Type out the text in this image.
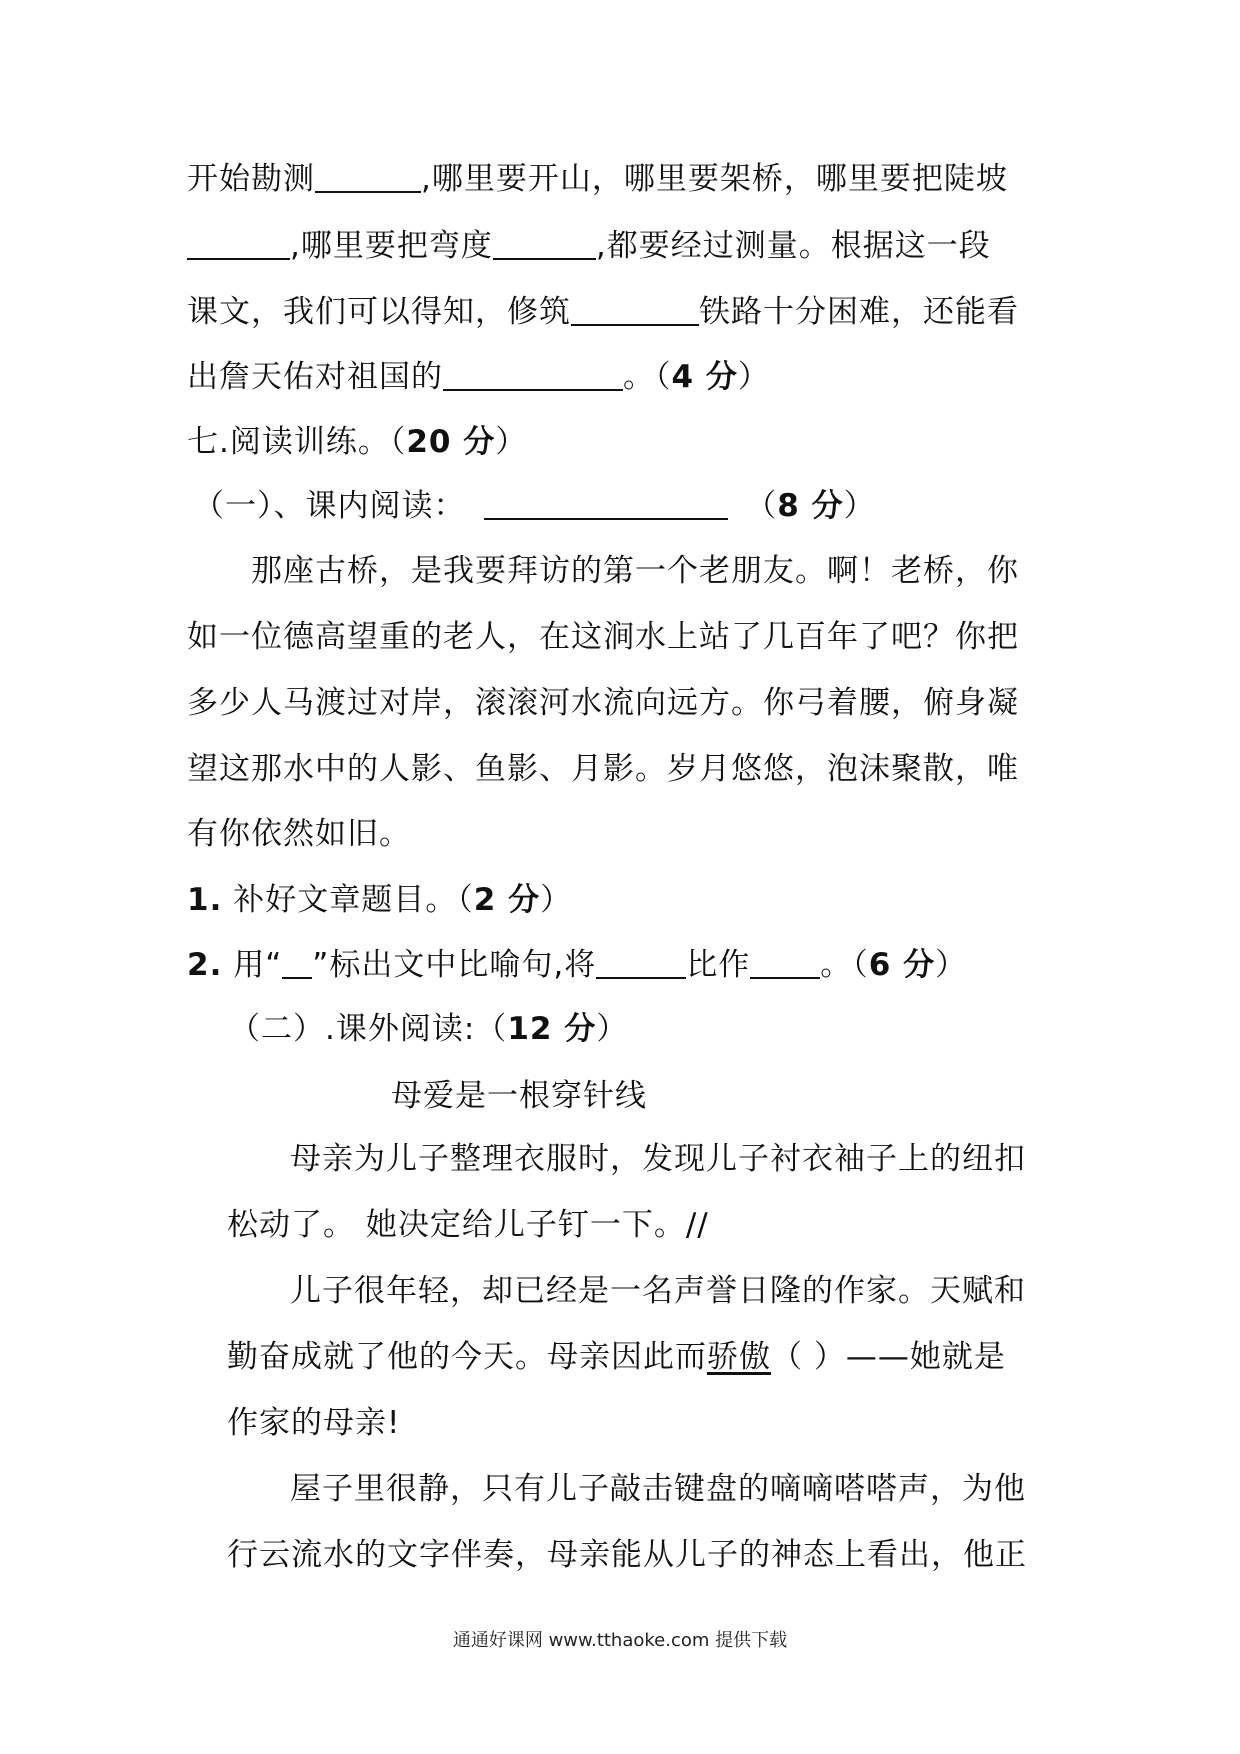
开始勘测	,哪里要开山，哪里要架桥，哪里要把陡坡
,哪里要把弯度	,都要经过测量。根据这一段
课文，我们可以得知，修筑	铁路十分困难，还能看
出詹天佑对祖国的	。（4 分）
七.阅读训练。（20 分）
（一）、课内阅读：	（8 分）
那座古桥，是我要拜访的第一个老朋友。啊！老桥，你
如一位德高望重的老人，在这涧水上站了几百年了吧？你把
多少人马渡过对岸，滚滚河水流向远方。你弓着腰，俯身凝
望这那水中的人影、鱼影、月影。岁月悠悠，泡沫聚散，唯
有你依然如旧。
1. 补好文章题目。（2 分）
2. 用“ ”标出文中比喻句,将	比作 。（6 分）
（二）.课外阅读:（12 分）
母爱是一根穿针线
母亲为儿子整理衣服时，发现儿子衬衣袖子上的纽扣
松动了。 她决定给儿子钉一下。//
儿子很年轻，却已经是一名声誉日隆的作家。天赋和
勤奋成就了他的今天。母亲因此而骄傲（ ）——她就是
作家的母亲!
屋子里很静，只有儿子敲击键盘的嘀嘀嗒嗒声，为他
行云流水的文字伴奏，母亲能从儿子的神态上看出，他正
通通好课网 www.tthaoke.com 提供下载
